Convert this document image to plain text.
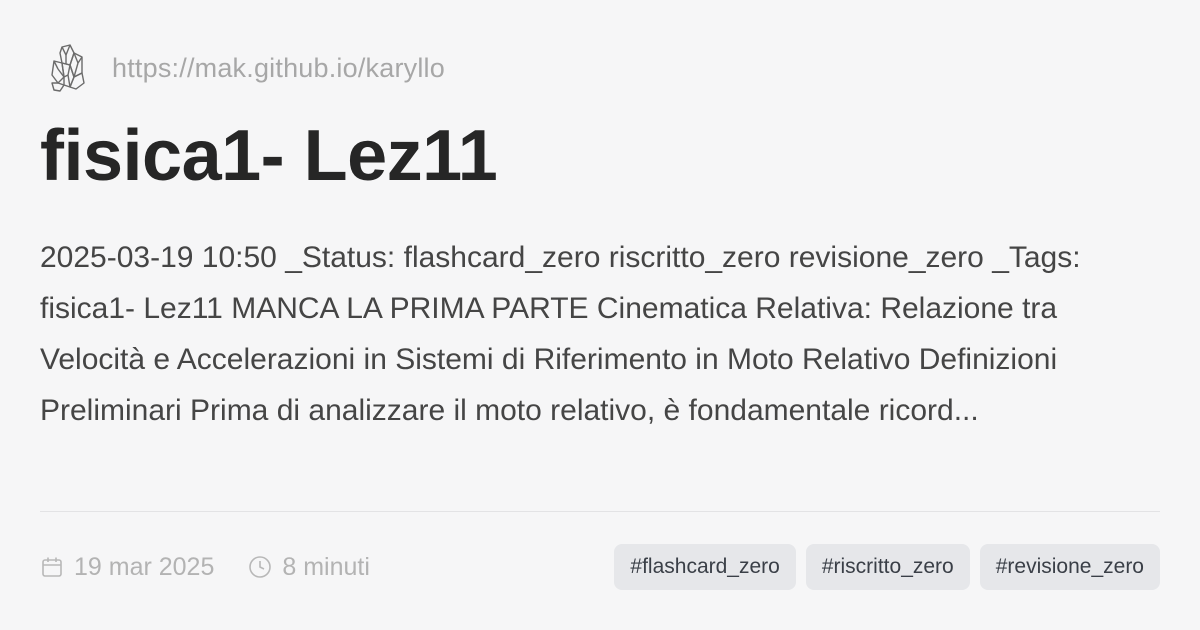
https://mak.github.io/karyllo
fisica1- Lez11
2025-03-19 10:50 _Status: flashcard_zero riscritto_zero revisione_zero _Tags: fisica1- Lez11 MANCA LA PRIMA PARTE Cinematica Relativa: Relazione tra Velocità e Accelerazioni in Sistemi di Riferimento in Moto Relativo Definizioni Preliminari Prima di analizzare il moto relativo, è fondamentale ricord...
19 mar 2025	8 minuti	#flashcard_zero	#riscritto_zero	#revisione_zero
